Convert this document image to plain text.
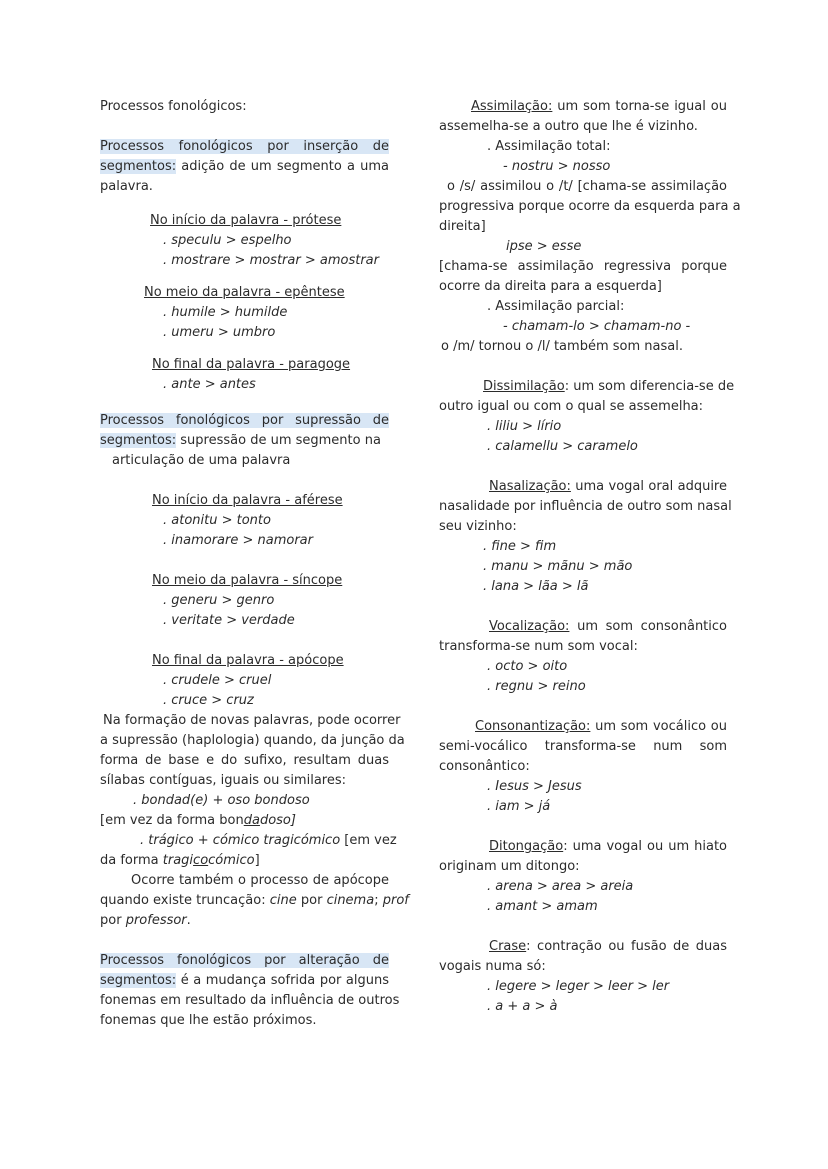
Processos fonológicos:
Processos fonológicos por inserção de
segmentos: adição de um segmento a uma
palavra.
No início da palavra - prótese
. speculu > espelho
. mostrare > mostrar > amostrar
No meio da palavra - epêntese
. humile > humilde
. umeru > umbro
No final da palavra - paragoge
. ante > antes
Processos fonológicos por supressão de
segmentos: supressão de um segmento na
articulação de uma palavra
No início da palavra - aférese
. atonitu > tonto
. inamorare > namorar
No meio da palavra - síncope
. generu > genro
. veritate > verdade
No final da palavra - apócope
. crudele > cruel
. cruce > cruz
Na formação de novas palavras, pode ocorrer
a supressão (haplologia) quando, da junção da
forma de base e do sufixo, resultam duas
sílabas contíguas, iguais ou similares:
. bondad(e) + oso bondoso
[em vez da forma bondadoso]
. trágico + cómico tragicómico [em vez
da forma tragicocómico]
Ocorre também o processo de apócope
quando existe truncação: cine por cinema; prof
por professor.
Processos fonológicos por alteração de
segmentos: é a mudança sofrida por alguns
fonemas em resultado da influência de outros
fonemas que lhe estão próximos.
Assimilação: um som torna-se igual ou
assemelha-se a outro que lhe é vizinho.
. Assimilação total:
- nostru > nosso
o /s/ assimilou o /t/ [chama-se assimilação
progressiva porque ocorre da esquerda para a
direita]
ipse > esse
[chama-se assimilação regressiva porque
ocorre da direita para a esquerda]
. Assimilação parcial:
- chamam-lo > chamam-no -
o /m/ tornou o /l/ também som nasal.
Dissimilação: um som diferencia-se de
outro igual ou com o qual se assemelha:
. liliu > lírio
. calamellu > caramelo
Nasalização: uma vogal oral adquire
nasalidade por influência de outro som nasal
seu vizinho:
. fine > fim
. manu > mãnu > mão
. lana > lãa > lã
Vocalização: um som consonântico
transforma-se num som vocal:
. octo > oito
. regnu > reino
Consonantização: um som vocálico ou
semi-vocálico transforma-se num som
consonântico:
. Iesus > Jesus
. iam > já
Ditongação: uma vogal ou um hiato
originam um ditongo:
. arena > area > areia
. amant > amam
Crase: contração ou fusão de duas
vogais numa só:
. legere > leger > leer > ler
. a + a > à
